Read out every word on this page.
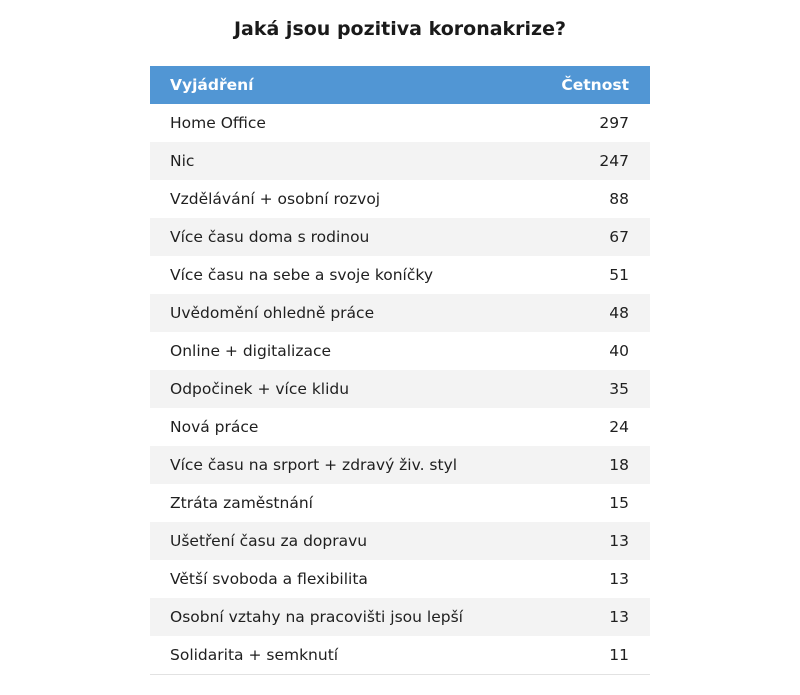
Jaká jsou pozitiva koronakrize?
Vyjádření	Četnost
Home Office	297
Nic	247
Vzdělávání + osobní rozvoj	88
Více času doma s rodinou	67
Více času na sebe a svoje koníčky	51
Uvědomění ohledně práce	48
Online + digitalizace	40
Odpočinek + více klidu	35
Nová práce	24
Více času na srport + zdravý živ. styl	18
Ztráta zaměstnání	15
Ušetření času za dopravu	13
Větší svoboda a flexibilita	13
Osobní vztahy na pracovišti jsou lepší	13
Solidarita + semknutí	11
